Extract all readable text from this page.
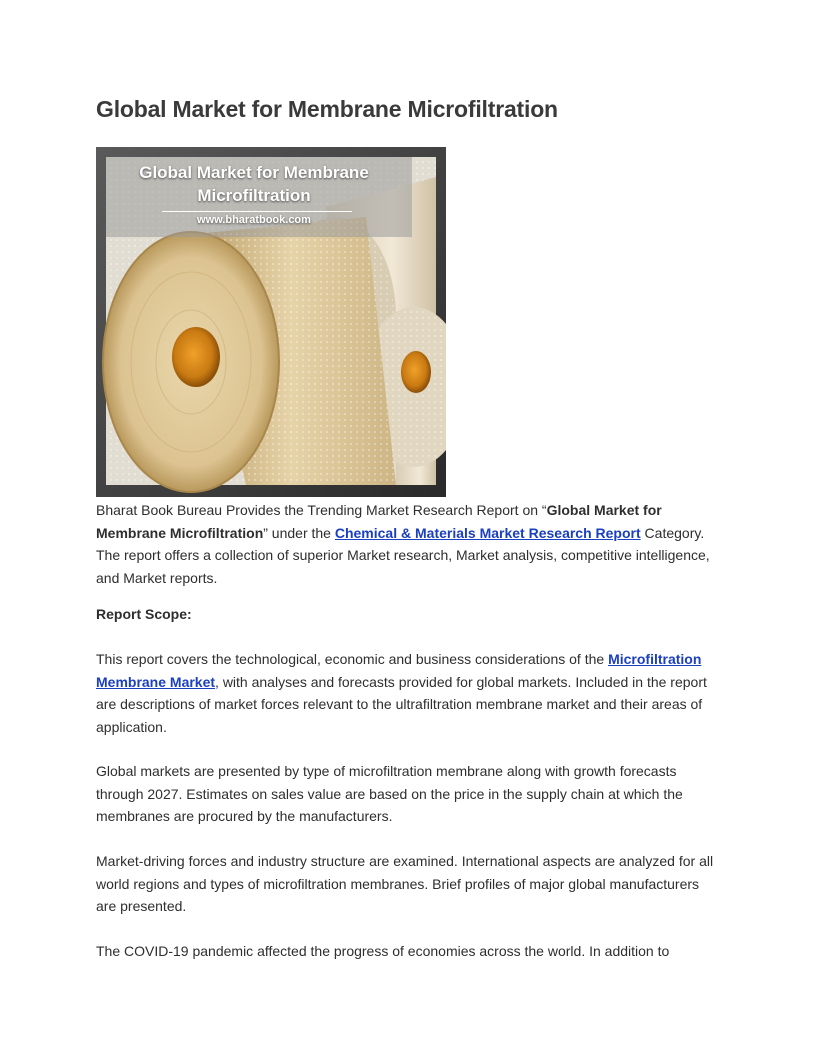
Global Market for Membrane Microfiltration
Global Market for Membrane
Microfiltration
www.bharatbook.com

Bharat Book Bureau Provides the Trending Market Research Report on “Global Market for Membrane Microfiltration” under the Chemical & Materials Market Research Report Category. The report offers a collection of superior Market research, Market analysis, competitive intelligence, and Market reports.

Report Scope:

This report covers the technological, economic and business considerations of the Microfiltration Membrane Market, with analyses and forecasts provided for global markets. Included in the report are descriptions of market forces relevant to the ultrafiltration membrane market and their areas of application.

Global markets are presented by type of microfiltration membrane along with growth forecasts through 2027. Estimates on sales value are based on the price in the supply chain at which the membranes are procured by the manufacturers.

Market-driving forces and industry structure are examined. International aspects are analyzed for all world regions and types of microfiltration membranes. Brief profiles of major global manufacturers are presented.

The COVID-19 pandemic affected the progress of economies across the world. In addition to
